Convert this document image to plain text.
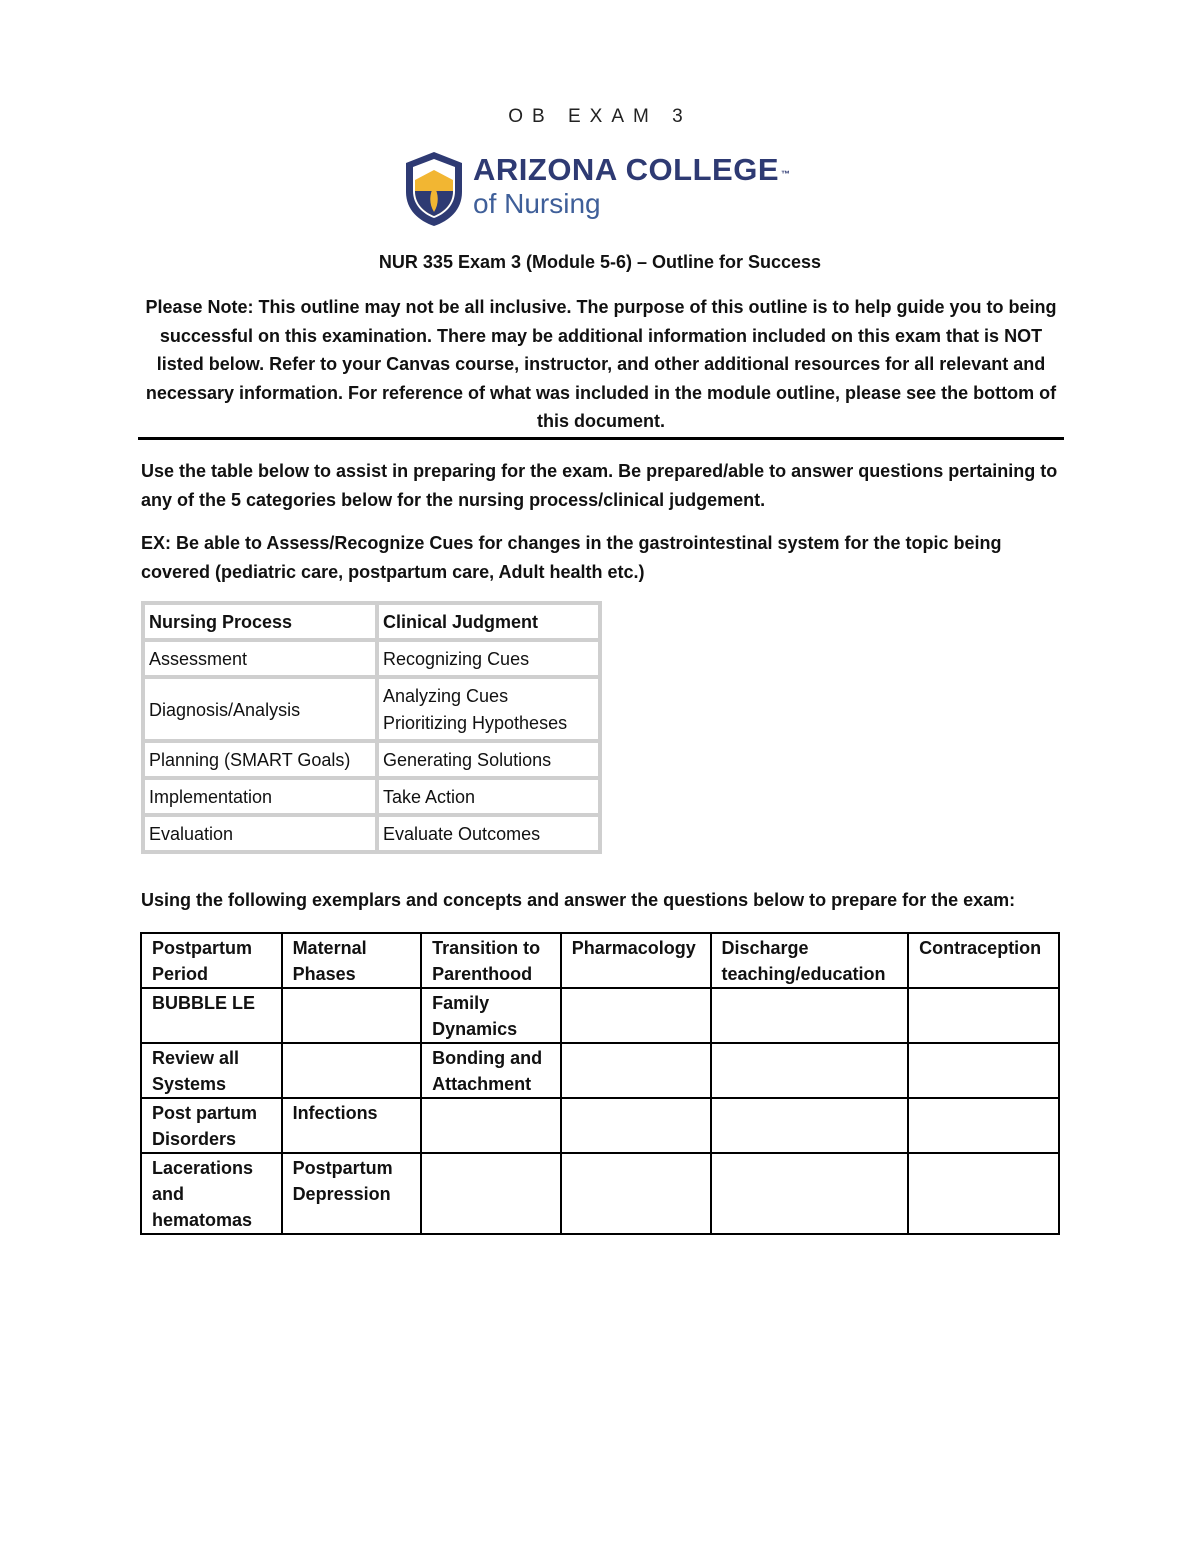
OB EXAM 3
ARIZONA COLLEGE ™
of Nursing
NUR 335 Exam 3 (Module 5-6) – Outline for Success
Please Note: This outline may not be all inclusive. The purpose of this outline is to help guide you to being successful on this examination. There may be additional information included on this exam that is NOT listed below. Refer to your Canvas course, instructor, and other additional resources for all relevant and necessary information. For reference of what was included in the module outline, please see the bottom of this document.
Use the table below to assist in preparing for the exam. Be prepared/able to answer questions pertaining to any of the 5 categories below for the nursing process/clinical judgement.
EX: Be able to Assess/Recognize Cues for changes in the gastrointestinal system for the topic being covered (pediatric care, postpartum care, Adult health etc.)
Nursing Process	Clinical Judgment
Assessment	Recognizing Cues
Diagnosis/Analysis	Analyzing Cues
Prioritizing Hypotheses

Planning (SMART Goals)	Generating Solutions
Implementation	Take Action
Evaluation	Evaluate Outcomes
Using the following exemplars and concepts and answer the questions below to prepare for the exam:
Postpartum Period	Maternal Phases	Transition to Parenthood	Pharmacology	Discharge teaching/education	Contraception
BUBBLE LE		Family Dynamics			
Review all Systems		Bonding and Attachment			
Post partum Disorders	Infections				
Lacerations and hematomas	Postpartum Depression				
